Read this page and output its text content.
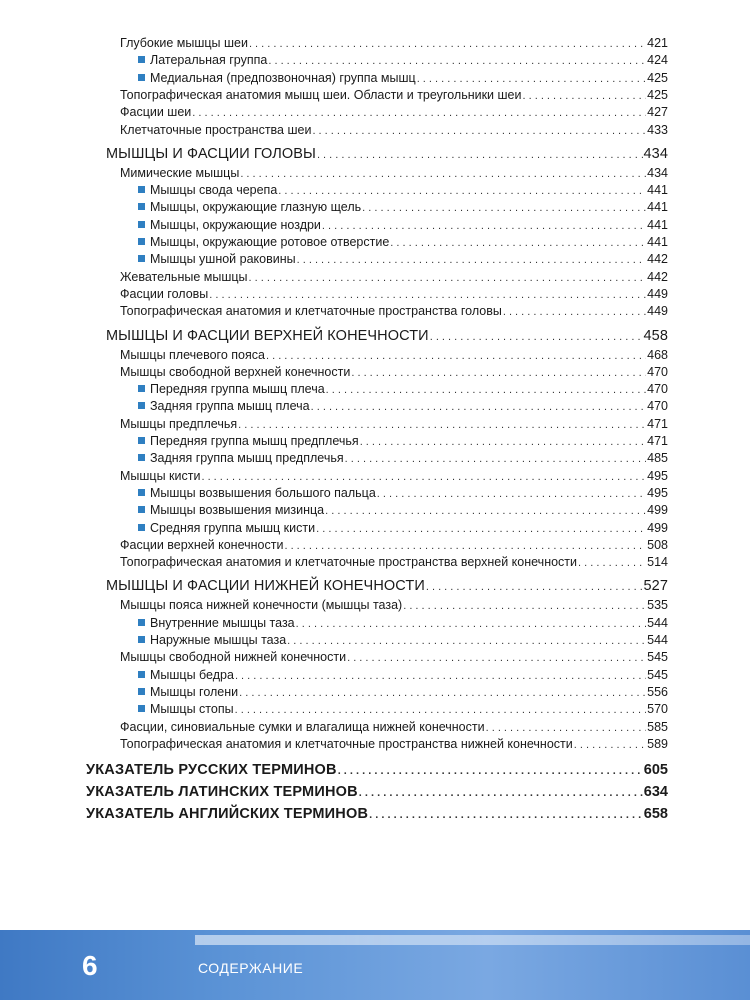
Глубокие мышцы шеи . . .	421
Латеральная группа . . .	424
Медиальная (предпозвоночная) группа мышц . . .	425
Топографическая анатомия мышц шеи. Области и треугольники шеи . . .	425
Фасции шеи . . .	427
Клетчаточные пространства шеи . . .	433
МЫШЦЫ И ФАСЦИИ ГОЛОВЫ . . .	434
Мимические мышцы . . .	434
Мышцы свода черепа . . .	441
Мышцы, окружающие глазную щель . . .	441
Мышцы, окружающие ноздри . . .	441
Мышцы, окружающие ротовое отверстие . . .	441
Мышцы ушной раковины . . .	442
Жевательные мышцы . . .	442
Фасции головы . . .	449
Топографическая анатомия и клетчаточные пространства головы . . .	449
МЫШЦЫ И ФАСЦИИ ВЕРХНЕЙ КОНЕЧНОСТИ . . .	458
Мышцы плечевого пояса . . .	468
Мышцы свободной верхней конечности . . .	470
Передняя группа мышц плеча . . .	470
Задняя группа мышц плеча . . .	470
Мышцы предплечья . . .	471
Передняя группа мышц предплечья . . .	471
Задняя группа мышц предплечья . . .	485
Мышцы кисти . . .	495
Мышцы возвышения большого пальца . . .	495
Мышцы возвышения мизинца . . .	499
Средняя группа мышц кисти . . .	499
Фасции верхней конечности . . .	508
Топографическая анатомия и клетчаточные пространства верхней конечности . . .	514
МЫШЦЫ И ФАСЦИИ НИЖНЕЙ КОНЕЧНОСТИ . . .	527
Мышцы пояса нижней конечности (мышцы таза) . . .	535
Внутренние мышцы таза . . .	544
Наружные мышцы таза . . .	544
Мышцы свободной нижней конечности . . .	545
Мышцы бедра . . .	545
Мышцы голени . . .	556
Мышцы стопы . . .	570
Фасции, синовиальные сумки и влагалища нижней конечности . . .	585
Топографическая анатомия и клетчаточные пространства нижней конечности . . .	589
УКАЗАТЕЛЬ РУССКИХ ТЕРМИНОВ . . .	605
УКАЗАТЕЛЬ ЛАТИНСКИХ ТЕРМИНОВ . . .	634
УКАЗАТЕЛЬ АНГЛИЙСКИХ ТЕРМИНОВ . . .	658
6	СОДЕРЖАНИЕ
